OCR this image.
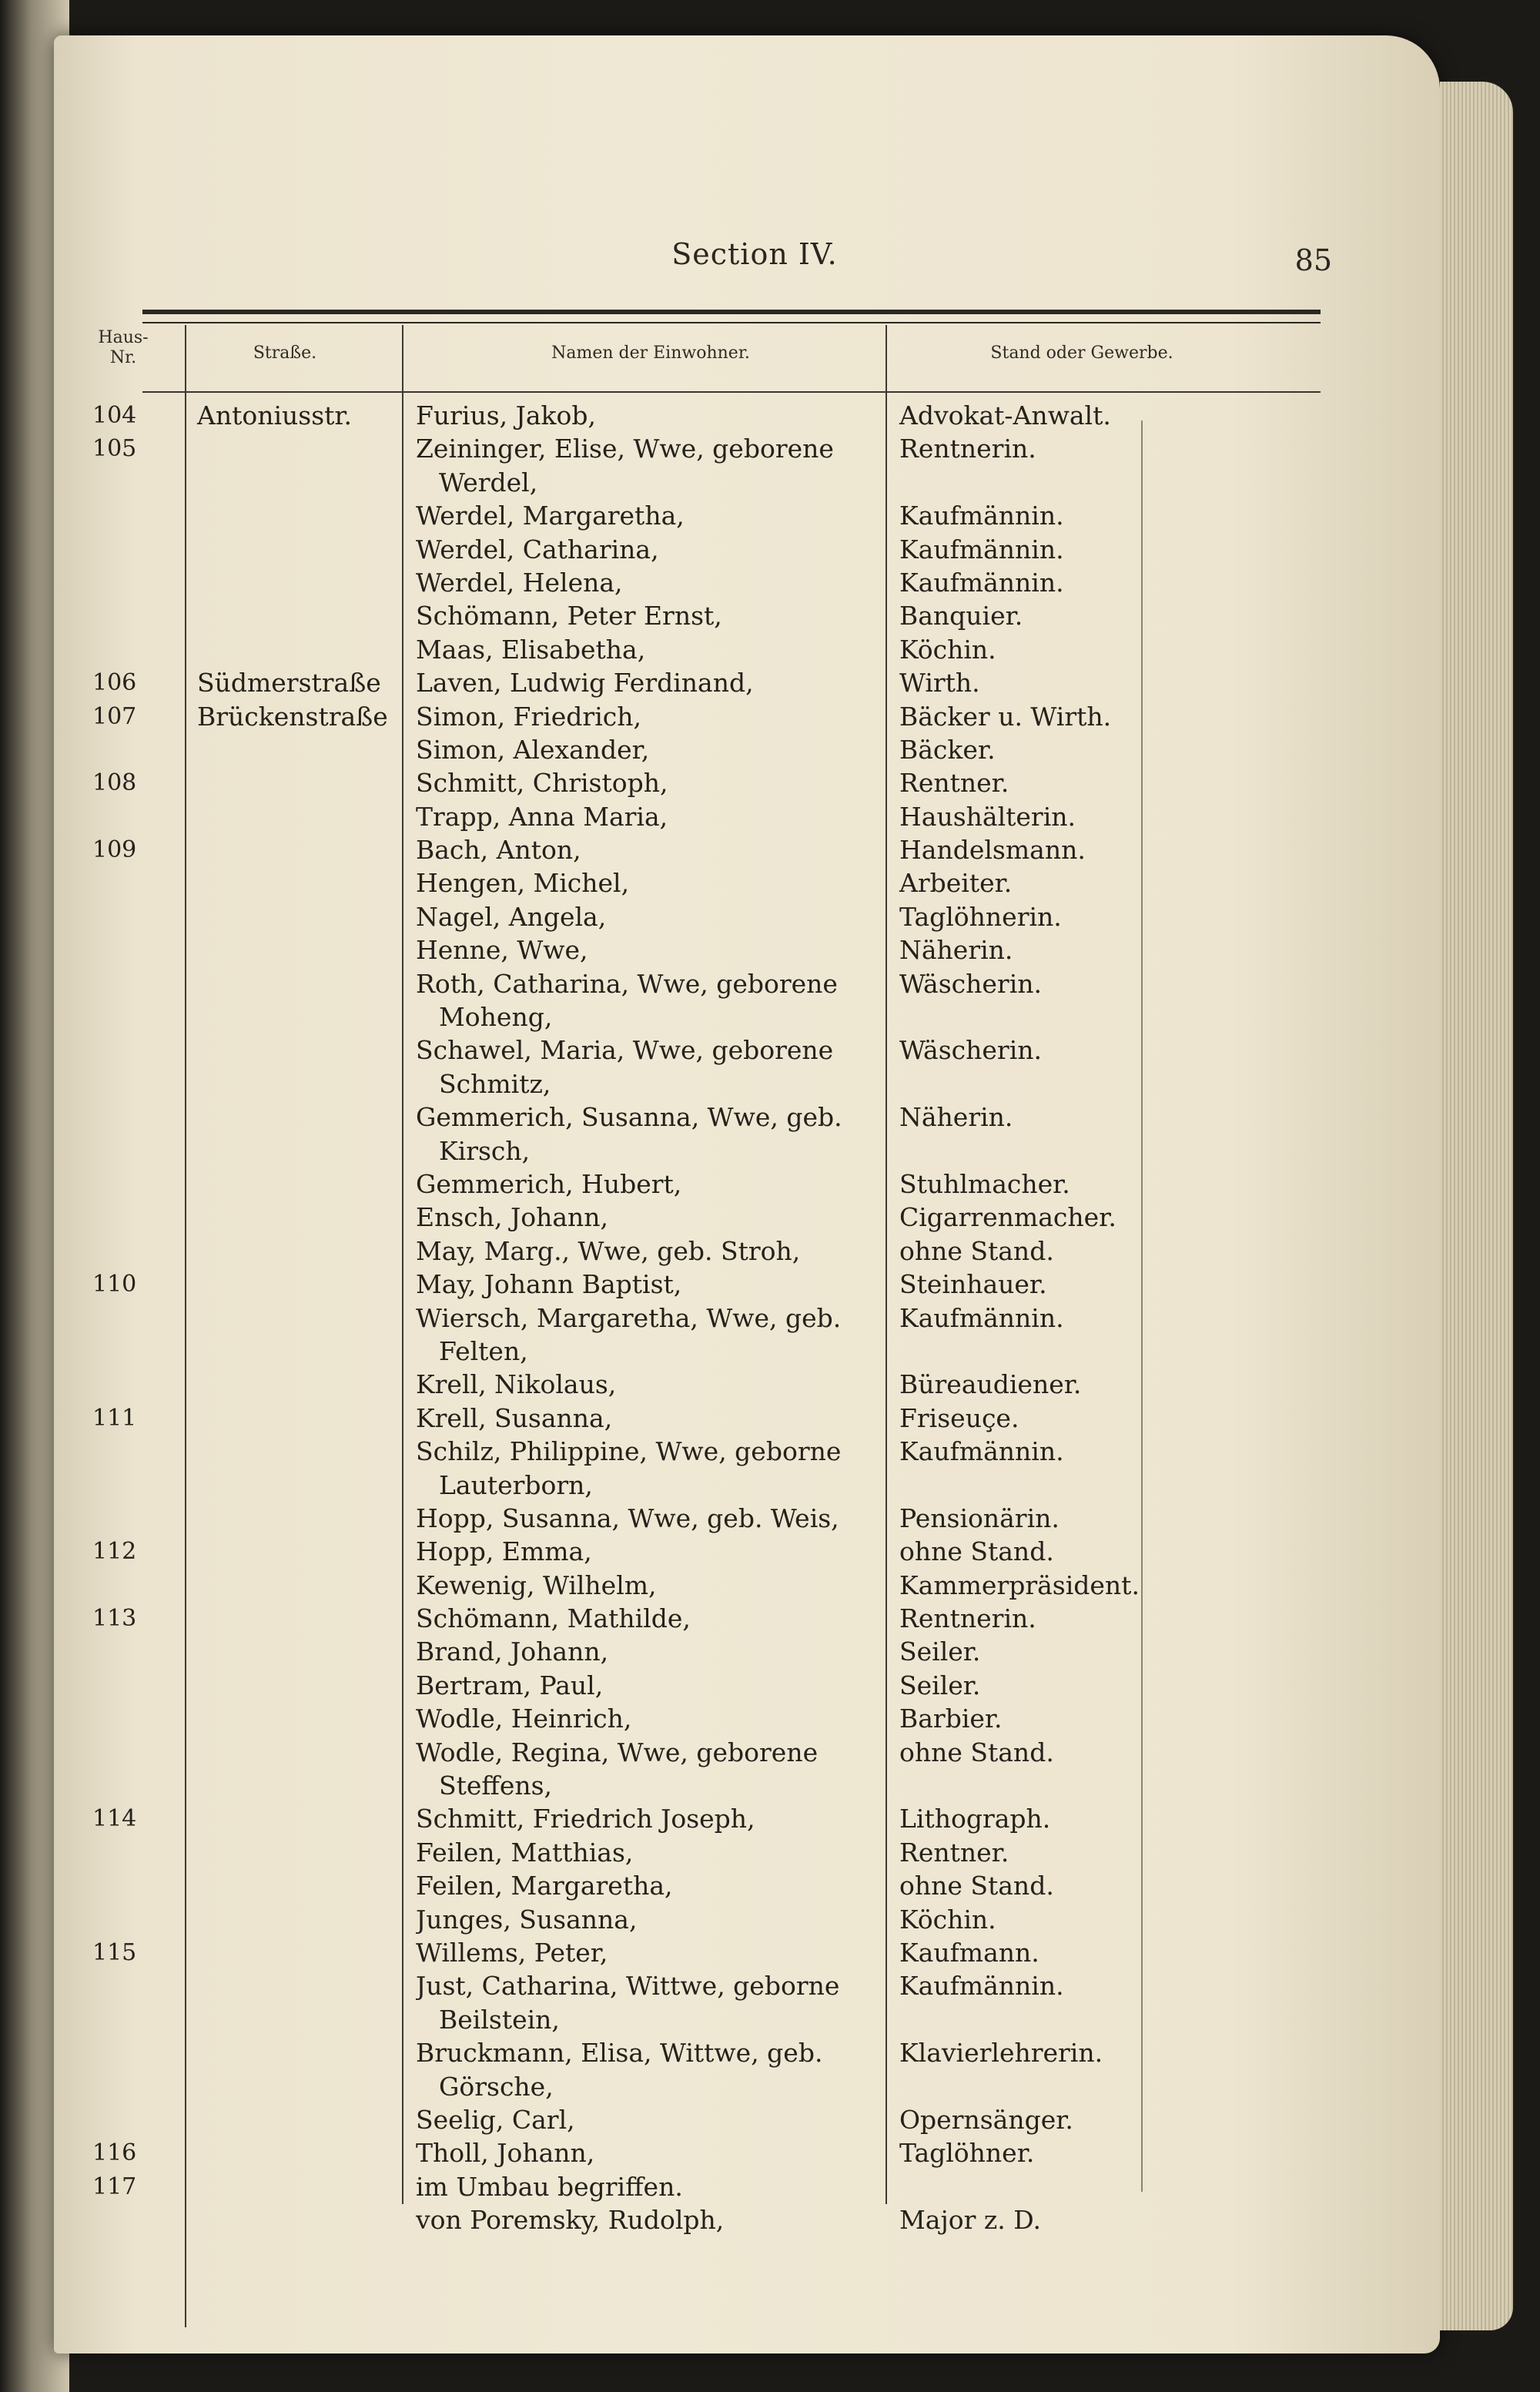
Section IV.	85
Haus-
Nr.	Straße.	Namen der Einwohner.	Stand oder Gewerbe.
104	Antoniusstr.	Furius, Jakob,	Advokat-Anwalt.
105	Zeininger, Elise, Wwe, geborene	Rentnerin.
Werdel,
Werdel, Margaretha,	Kaufmännin.
Werdel, Catharina,	Kaufmännin.
Werdel, Helena,	Kaufmännin.
Schömann, Peter Ernst,	Banquier.
Maas, Elisabetha,	Köchin.
106	Südmerstraße	Laven, Ludwig Ferdinand,	Wirth.
107	Brückenstraße	Simon, Friedrich,	Bäcker u. Wirth.
Simon, Alexander,	Bäcker.
108	Schmitt, Christoph,	Rentner.
Trapp, Anna Maria,	Haushälterin.
109	Bach, Anton,	Handelsmann.
Hengen, Michel,	Arbeiter.
Nagel, Angela,	Taglöhnerin.
Henne, Wwe,	Näherin.
Roth, Catharina, Wwe, geborene	Wäscherin.
Moheng,
Schawel, Maria, Wwe, geborene	Wäscherin.
Schmitz,
Gemmerich, Susanna, Wwe, geb.	Näherin.
Kirsch,
Gemmerich, Hubert,	Stuhlmacher.
Ensch, Johann,	Cigarrenmacher.
May, Marg., Wwe, geb. Stroh,	ohne Stand.
110	May, Johann Baptist,	Steinhauer.
Wiersch, Margaretha, Wwe, geb.	Kaufmännin.
Felten,
Krell, Nikolaus,	Büreaudiener.
111	Krell, Susanna,	Friseuçe.
Schilz, Philippine, Wwe, geborne	Kaufmännin.
Lauterborn,
Hopp, Susanna, Wwe, geb. Weis,	Pensionärin.
112	Hopp, Emma,	ohne Stand.
Kewenig, Wilhelm,	Kammerpräsident.
113	Schömann, Mathilde,	Rentnerin.
Brand, Johann,	Seiler.
Bertram, Paul,	Seiler.
Wodle, Heinrich,	Barbier.
Wodle, Regina, Wwe, geborene	ohne Stand.
Steffens,
114	Schmitt, Friedrich Joseph,	Lithograph.
Feilen, Matthias,	Rentner.
Feilen, Margaretha,	ohne Stand.
Junges, Susanna,	Köchin.
115	Willems, Peter,	Kaufmann.
Just, Catharina, Wittwe, geborne	Kaufmännin.
Beilstein,
Bruckmann, Elisa, Wittwe, geb.	Klavierlehrerin.
Görsche,
Seelig, Carl,	Opernsänger.
116	Tholl, Johann,	Taglöhner.
117	im Umbau begriffen.
von Poremsky, Rudolph,	Major z. D.
